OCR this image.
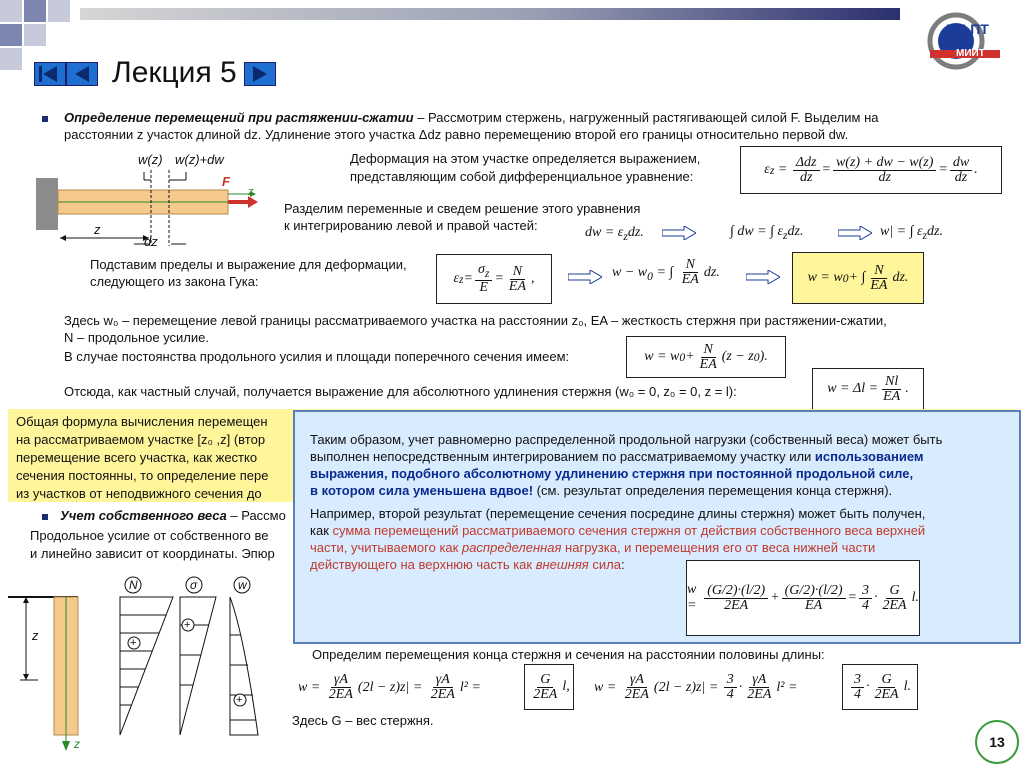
НЦ ПТ
МИИТ
Лекция 5
Определение перемещений при растяжении-сжатии – Рассмотрим стержень, нагруженный растягивающей силой F. Выделим на
расстоянии z участок длиной dz. Удлинение этого участка Δdz равно перемещению второй его границы относительно первой dw.
w(z) w(z)+dw
F
z
z
dz
Деформация на этом участке определяется выражением,
представляющим собой дифференциальное уравнение:	ε z = Δdz
dz = w(z) + dw − w(z)
dz	= dw
dz .
Разделим переменные и сведем решение этого уравнения
к интегрированию левой и правой частей:	dw = $\varepsilon_zdz$.	∫ dw = ∫ $\varepsilon_zdz$.	w| = ∫ $\varepsilon_zdz$.
Подставим пределы и выражение для деформации,
следующего из закона Гука:	ε z =
$\sigma_z$
E
= N
EA ,	$w - w_0$ = ∫ $\frac{N}{EA}$ dz.	w = w 0 + ∫ N
EA dz.
Здесь w₀ – перемещение левой границы рассматриваемого участка на расстоянии z₀, EA – жесткость стержня при растяжении-сжатии,
N – продольное усилие.
В случае постоянства продольного усилия и площади поперечного сечения имеем:	w = w 0 + N
EA (z − z 0 ).
Отсюда, как частный случай, получается выражение для абсолютного удлинения стержня (w₀ = 0, z₀ = 0, z = l):	w = Δl = Nl
EA .
Общая формула вычисления перемещен
на рассматриваемом участке [z₀ ,z] (втор
перемещение всего участка, как жестко
сечения постоянны, то определение пере
из участков от неподвижного сечения до
Учет собственного веса – Рассмо
Продольное усилие от собственного ве
и линейно зависит от координаты. Эпюр
N	σ	w
z
z
+
+
+
Таким образом, учет равномерно распределенной продольной нагрузки (собственный веса) может быть
выполнен непосредственным интегрированием по рассматриваемому участку или использованием
выражения, подобного абсолютному удлинению стержня при постоянной продольной силе,
в котором сила уменьшена вдвое! (см. результат определения перемещения конца стержня).
Например, второй результат (перемещение сечения посредине длины стержня) может быть получен,
как сумма перемещений рассматриваемого сечения стержня от действия собственного веса верхней
части, учитываемого как распределенная нагрузка, и перемещения его от веса нижней части
действующего на верхнюю часть как внешняя сила:
w =
(G/2)·(l/2)
2EA + (G/2)·(l/2)
EA = 3
4 · G
2EA l.
Определим перемещения конца стержня и сечения на расстоянии половины длины:
$w = \frac{\gamma A}{2EA} (2l - z)z| = \frac{\gamma A}{2EA} l^2$ =
G
2EA l,	$w = \frac{\gamma A}{2EA} (2l - z)z| = \frac{3}{4} \cdot \frac{\gamma A}{2EA} l^2$ =
3
4 · G
2EA l.
Здесь G – вес стержня.
13
